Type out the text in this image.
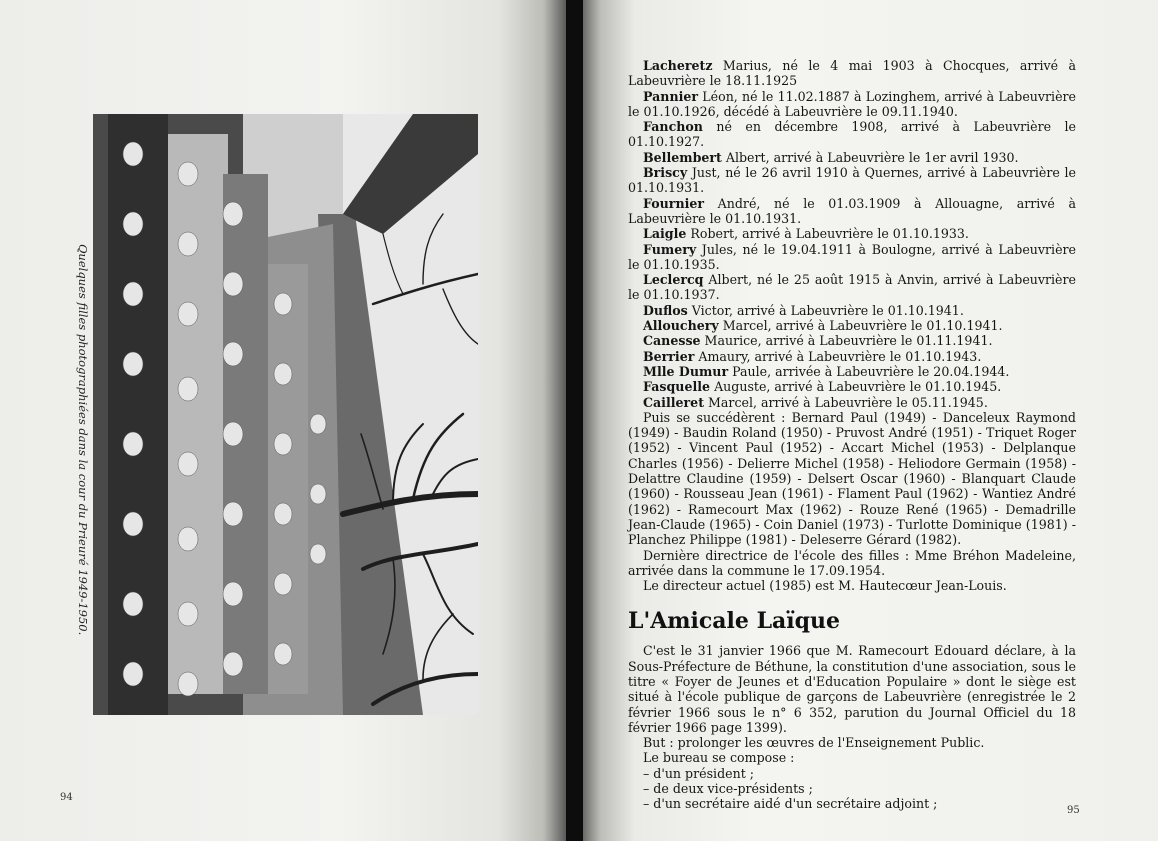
Quelques filles photographiées dans la cour du Prieuré 1949-1950.
94

Lacheretz Marius, né le 4 mai 1903 à Chocques, arrivé à Labeuvrière le 18.11.1925

Pannier Léon, né le 11.02.1887 à Lozinghem, arrivé à Labeuvrière le 01.10.1926, décédé à Labeuvrière le 09.11.1940.

Fanchon né en décembre 1908, arrivé à Labeuvrière le 01.10.1927.

Bellembert Albert, arrivé à Labeuvrière le 1er avril 1930.

Briscy Just, né le 26 avril 1910 à Quernes, arrivé à Labeuvrière le 01.10.1931.

Fournier André, né le 01.03.1909 à Allouagne, arrivé à Labeuvrière le 01.10.1931.

Laigle Robert, arrivé à Labeuvrière le 01.10.1933.

Fumery Jules, né le 19.04.1911 à Boulogne, arrivé à Labeuvrière le 01.10.1935.

Leclercq Albert, né le 25 août 1915 à Anvin, arrivé à Labeuvrière le 01.10.1937.

Duflos Victor, arrivé à Labeuvrière le 01.10.1941.

Allouchery Marcel, arrivé à Labeuvrière le 01.10.1941.

Canesse Maurice, arrivé à Labeuvrière le 01.11.1941.

Berrier Amaury, arrivé à Labeuvrière le 01.10.1943.

Mlle Dumur Paule, arrivée à Labeuvrière le 20.04.1944.

Fasquelle Auguste, arrivé à Labeuvrière le 01.10.1945.

Cailleret Marcel, arrivé à Labeuvrière le 05.11.1945.

Puis se succédèrent : Bernard Paul (1949) - Danceleux Raymond (1949) - Baudin Roland (1950) - Pruvost André (1951) - Triquet Roger (1952) - Vincent Paul (1952) - Accart Michel (1953) - Delplanque Charles (1956) - Delierre Michel (1958) - Heliodore Germain (1958) - Delattre Claudine (1959) - Delsert Oscar (1960) - Blanquart Claude (1960) - Rousseau Jean (1961) - Flament Paul (1962) - Wantiez André (1962) - Ramecourt Max (1962) - Rouze René (1965) - Demadrille Jean-Claude (1965) - Coin Daniel (1973) - Turlotte Dominique (1981) - Planchez Philippe (1981) - Deleserre Gérard (1982).

Dernière directrice de l'école des filles : Mme Bréhon Madeleine, arrivée dans la commune le 17.09.1954.

Le directeur actuel (1985) est M. Hautecœur Jean-Louis.

L'Amicale Laïque

C'est le 31 janvier 1966 que M. Ramecourt Edouard déclare, à la Sous-Préfecture de Béthune, la constitution d'une association, sous le titre « Foyer de Jeunes et d'Education Populaire » dont le siège est situé à l'école publique de garçons de Labeuvrière (enregistrée le 2 février 1966 sous le n° 6 352, parution du Journal Officiel du 18 février 1966 page 1399).

But : prolonger les œuvres de l'Enseignement Public.

Le bureau se compose :

– d'un président ;

– de deux vice-présidents ;

– d'un secrétaire aidé d'un secrétaire adjoint ;	95
